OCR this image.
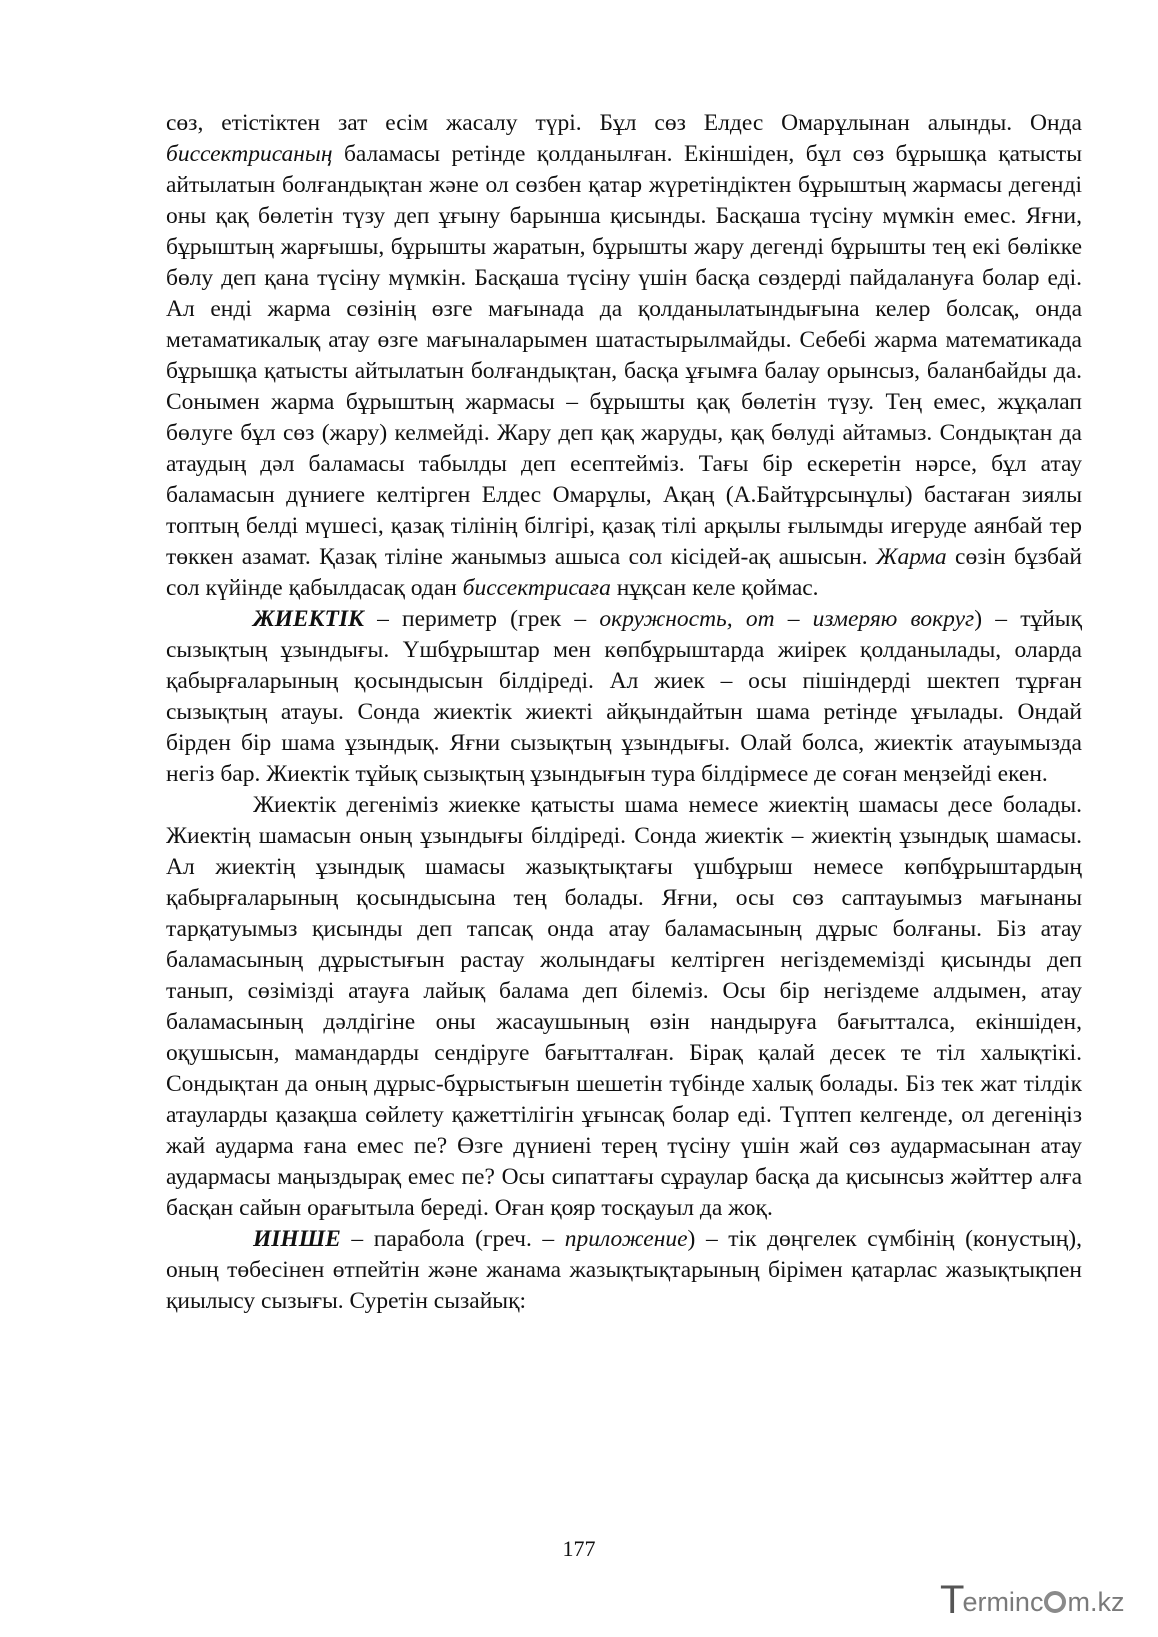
сөз, етістіктен зат есім жасалу түрі. Бұл сөз Елдес Омарұлынан алынды. Онда биссектрисаның баламасы ретінде қолданылған. Екіншіден, бұл сөз бұрышқа қатысты айтылатын болғандықтан және ол сөзбен қатар жүретіндіктен бұрыштың жармасы дегенді оны қақ бөлетін түзу деп ұғыну барынша қисынды. Басқаша түсіну мүмкін емес. Яғни, бұрыштың жарғышы, бұрышты жаратын, бұрышты жару дегенді бұрышты тең екі бөлікке бөлу деп қана түсіну мүмкін. Басқаша түсіну үшін басқа сөздерді пайдалануға болар еді. Ал енді жарма сөзінің өзге мағынада да қолданылатындығына келер болсақ, онда метаматикалық атау өзге мағыналарымен шатастырылмайды. Себебі жарма математикада бұрышқа қатысты айтылатын болғандықтан, басқа ұғымға балау орынсыз, баланбайды да. Сонымен жарма бұрыштың жармасы – бұрышты қақ бөлетін түзу. Тең емес, жұқалап бөлуге бұл сөз (жару) келмейді. Жару деп қақ жаруды, қақ бөлуді айтамыз. Сондықтан да атаудың дәл баламасы табылды деп есептейміз. Тағы бір ескеретін нәрсе, бұл атау баламасын дүниеге келтірген Елдес Омарұлы, Ақаң (А.Байтұрсынұлы) бастаған зиялы топтың белді мүшесі, қазақ тілінің білгірі, қазақ тілі арқылы ғылымды игеруде аянбай тер төккен азамат. Қазақ тіліне жанымыз ашыса сол кісідей-ақ ашысын. Жарма сөзін бұзбай сол күйінде қабылдасақ одан биссектрисаға нұқсан келе қоймас.

ЖИЕКТІК – периметр (грек – окружность, от – измеряю вокруг) – тұйық сызықтың ұзындығы. Үшбұрыштар мен көпбұрыштарда жиірек қолданылады, оларда қабырғаларының қосындысын білдіреді. Ал жиек – осы пішіндерді шектеп тұрған сызықтың атауы. Сонда жиектік жиекті айқындайтын шама ретінде ұғылады. Ондай бірден бір шама ұзындық. Яғни сызықтың ұзындығы. Олай болса, жиектік атауымызда негіз бар. Жиектік тұйық сызықтың ұзындығын тура білдірмесе де соған меңзейді екен.

Жиектік дегеніміз жиекке қатысты шама немесе жиектің шамасы десе болады. Жиектің шамасын оның ұзындығы білдіреді. Сонда жиектік – жиектің ұзындық шамасы. Ал жиектің ұзындық шамасы жазықтықтағы үшбұрыш немесе көпбұрыштардың қабырғаларының қосындысына тең болады. Яғни, осы сөз саптауымыз мағынаны тарқатуымыз қисынды деп тапсақ онда атау баламасының дұрыс болғаны. Біз атау баламасының дұрыстығын растау жолындағы келтірген негіздемемізді қисынды деп танып, сөзімізді атауға лайық балама деп білеміз. Осы бір негіздеме алдымен, атау баламасының дәлдігіне оны жасаушының өзін нандыруға бағытталса, екіншіден, оқушысын, мамандарды сендіруге бағытталған. Бірақ қалай десек те тіл халықтікі. Сондықтан да оның дұрыс-бұрыстығын шешетін түбінде халық болады. Біз тек жат тілдік атауларды қазақша сөйлету қажеттілігін ұғынсақ болар еді. Түптеп келгенде, ол дегеніңіз жай аударма ғана емес пе? Өзге дүниені терең түсіну үшін жай сөз аудармасынан атау аудармасы маңыздырақ емес пе? Осы сипаттағы сұраулар басқа да қисынсыз жәйттер алға басқан сайын орағытыла береді. Оған қояр тосқауыл да жоқ.

ИІНШЕ – парабола (греч. – приложение) – тік дөңгелек сүмбінің (конустың), оның төбесінен өтпейтін және жанама жазықтықтарының бірімен қатарлас жазықтықпен қиылысу сызығы. Суретін сызайық:

177
T
erminc m.kz
